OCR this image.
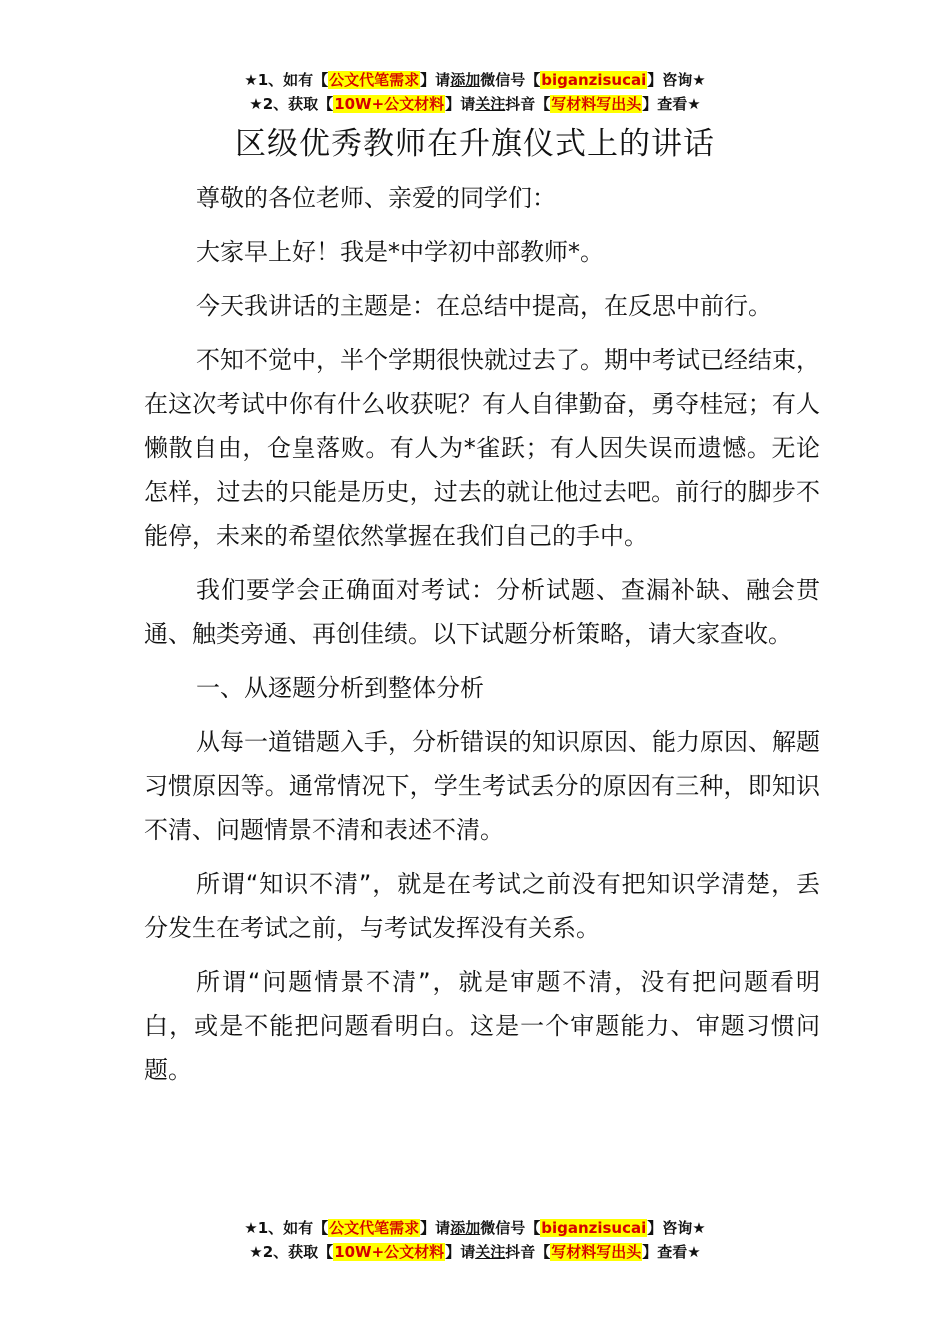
★1、如有【公文代笔需求】请添加微信号【biganzisucai】咨询★
★2、获取【10W+公文材料】请关注抖音【写材料写出头】查看★
区级优秀教师在升旗仪式上的讲话

尊敬的各位老师、亲爱的同学们：

大家早上好！我是*中学初中部教师*。

今天我讲话的主题是：在总结中提高，在反思中前行。

不知不觉中，半个学期很快就过去了。期中考试已经结束，在这次考试中你有什么收获呢？有人自律勤奋，勇夺桂冠；有人懒散自由，仓皇落败。有人为*雀跃；有人因失误而遗憾。无论怎样，过去的只能是历史，过去的就让他过去吧。前行的脚步不能停，未来的希望依然掌握在我们自己的手中。

我们要学会正确面对考试：分析试题、查漏补缺、融会贯通、触类旁通、再创佳绩。以下试题分析策略，请大家查收。

一、从逐题分析到整体分析

从每一道错题入手，分析错误的知识原因、能力原因、解题习惯原因等。通常情况下，学生考试丢分的原因有三种，即知识不清、问题情景不清和表述不清。

所谓“知识不清”，就是在考试之前没有把知识学清楚，丢分发生在考试之前，与考试发挥没有关系。

所谓“问题情景不清”，就是审题不清，没有把问题看明白，或是不能把问题看明白。这是一个审题能力、审题习惯问题。

★1、如有【公文代笔需求】请添加微信号【biganzisucai】咨询★
★2、获取【10W+公文材料】请关注抖音【写材料写出头】查看★
